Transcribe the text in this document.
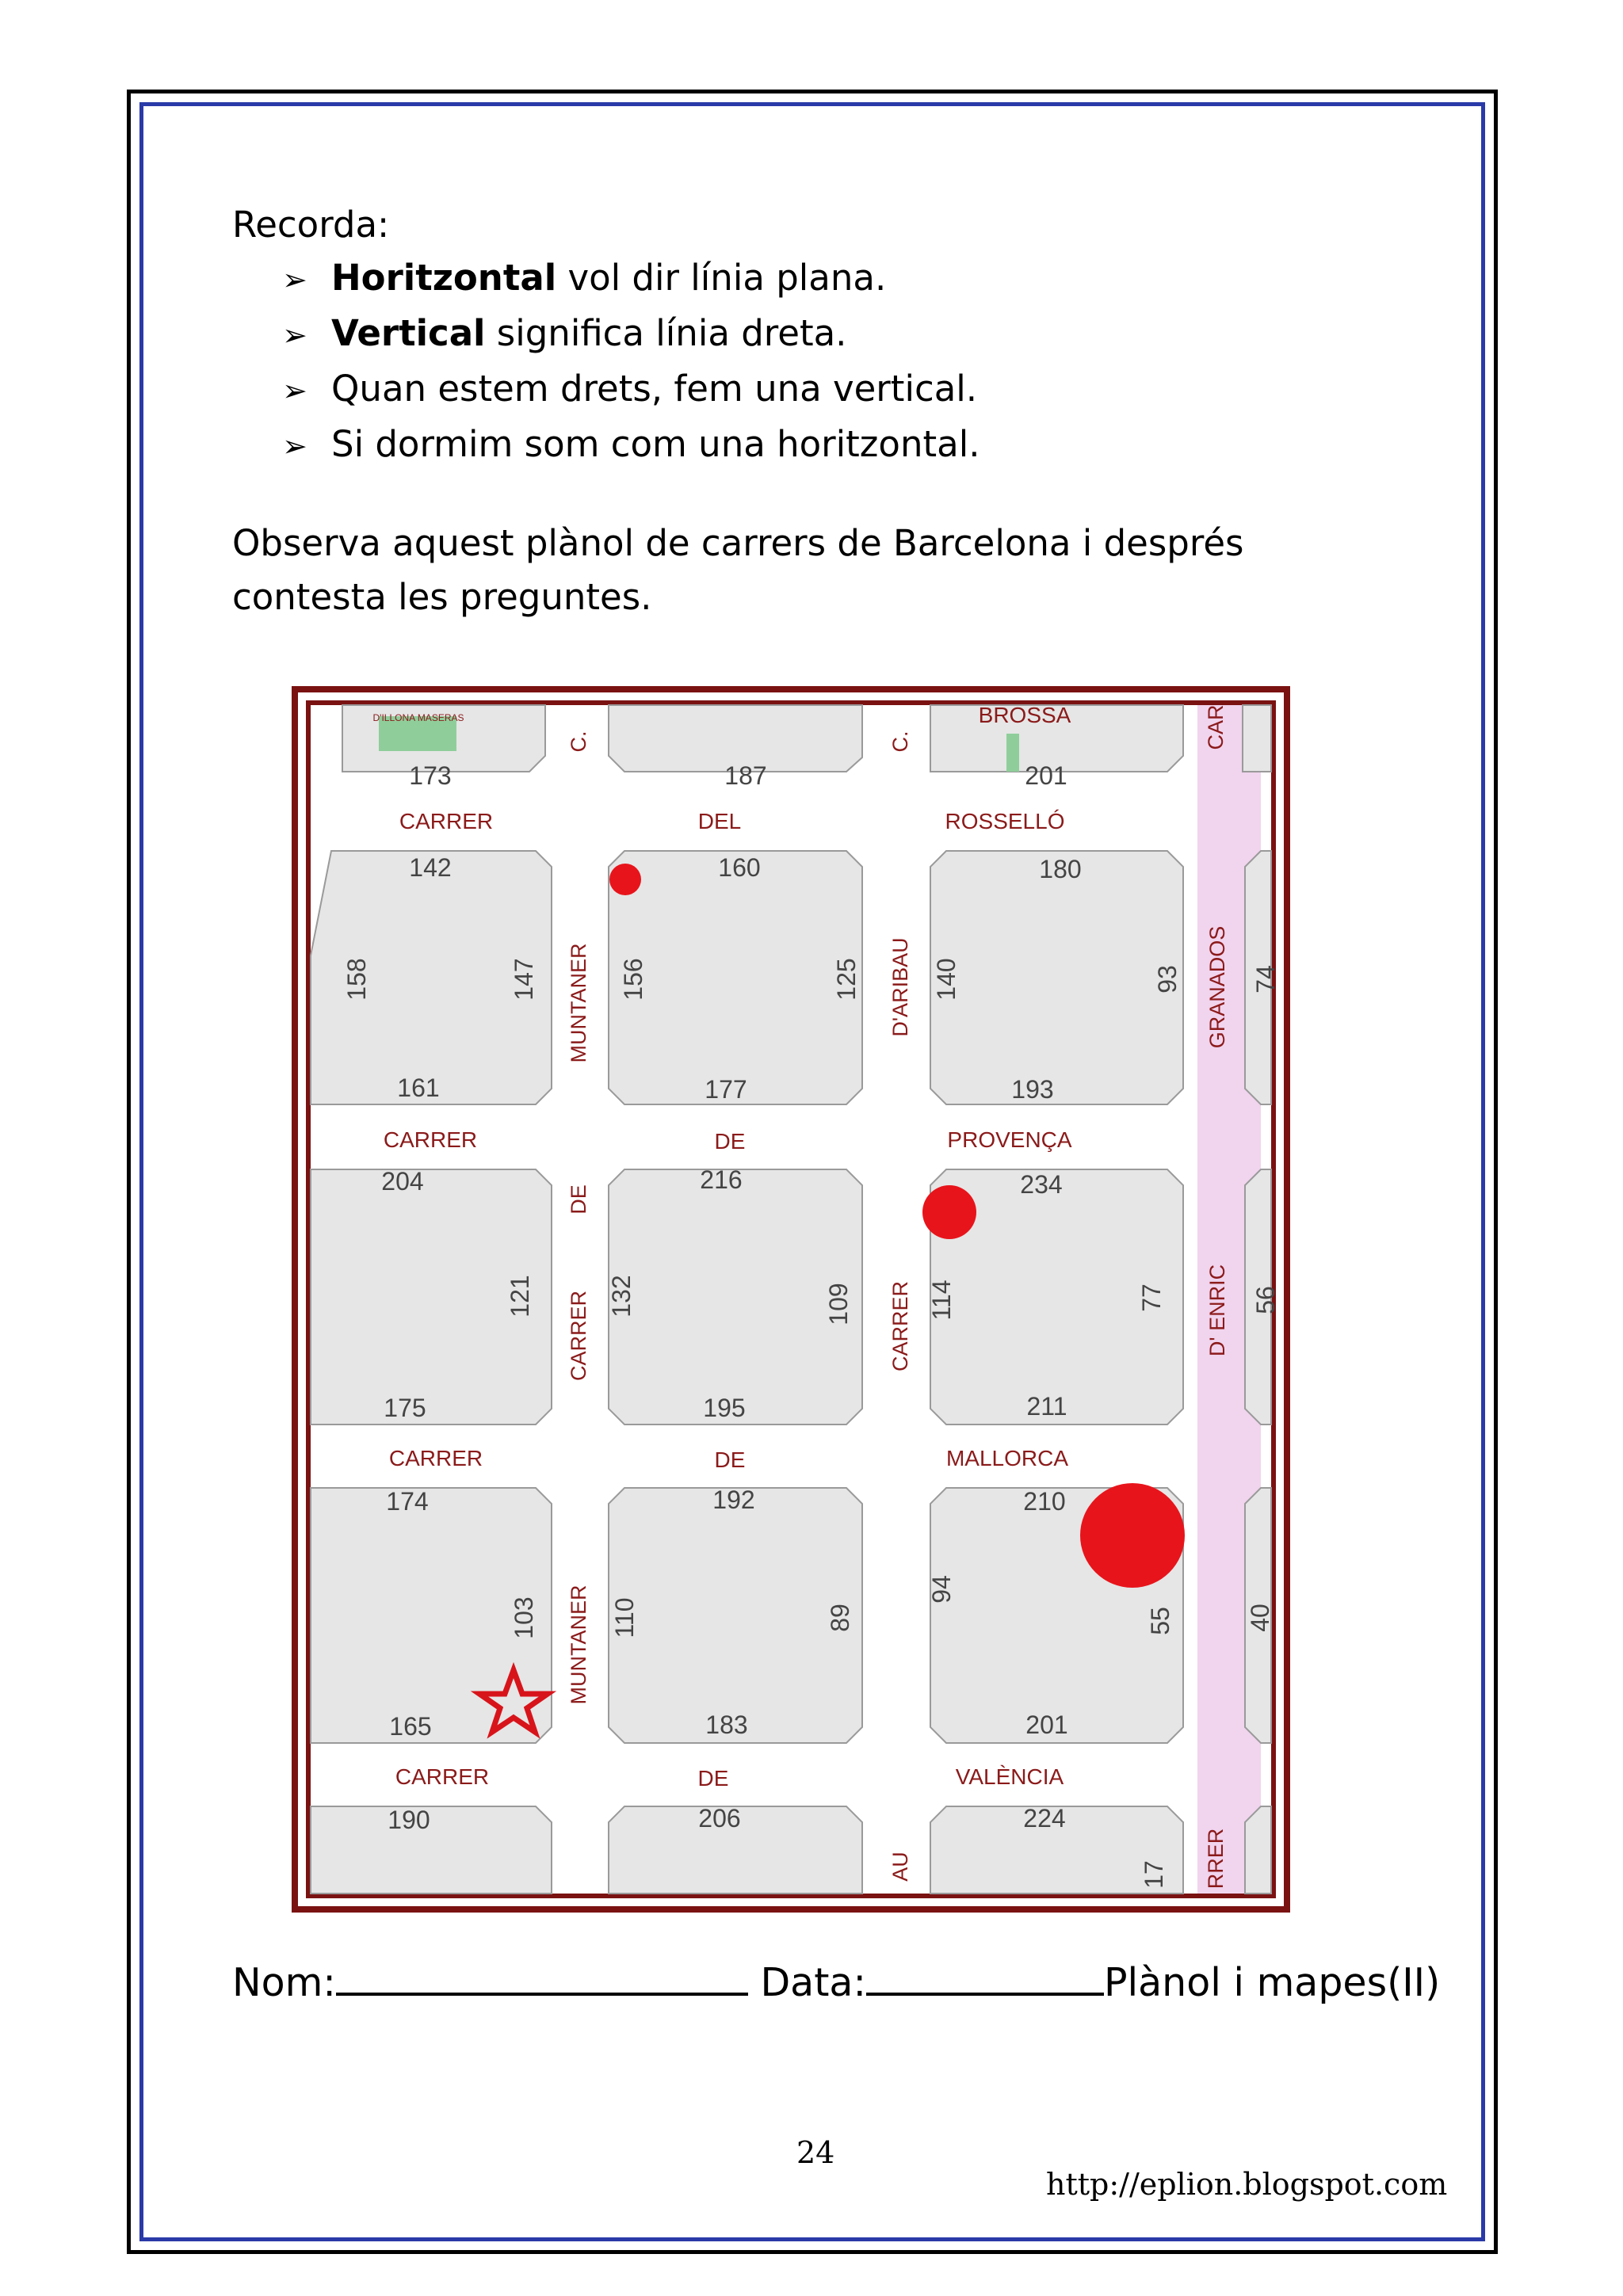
Recorda:
➢ Horitzontal vol dir línia plana.
➢ Vertical significa línia dreta.
➢ Quan estem drets, fem una vertical.
➢ Si dormim som com una horitzontal.
Observa aquest plànol de carrers de Barcelona i després contesta les preguntes.
D'ILLONA MASERAS	BROSSA
CARRER	DEL	ROSSELLÓ
CARRER	DE	PROVENÇA
CARRER	DE	MALLORCA
CARRER	DE	VALÈNCIA
C.	C.	CAR
MUNTANER
DE
CARRER
MUNTANER
D'ARIBAU
CARRER
AU
GRANADOS
D' ENRIC
RRER
173	187	201
142	160	180
161	177	193
204	216	234
175	195	211
174	192	210
165	183	201
190	206	224
158	147	156	125	140	93	74
121	132	109	114	77	56
103	110	89
94
55	40
17
Nom:	Data:	Plànol i mapes(II)
24
http://eplion.blogspot.com
